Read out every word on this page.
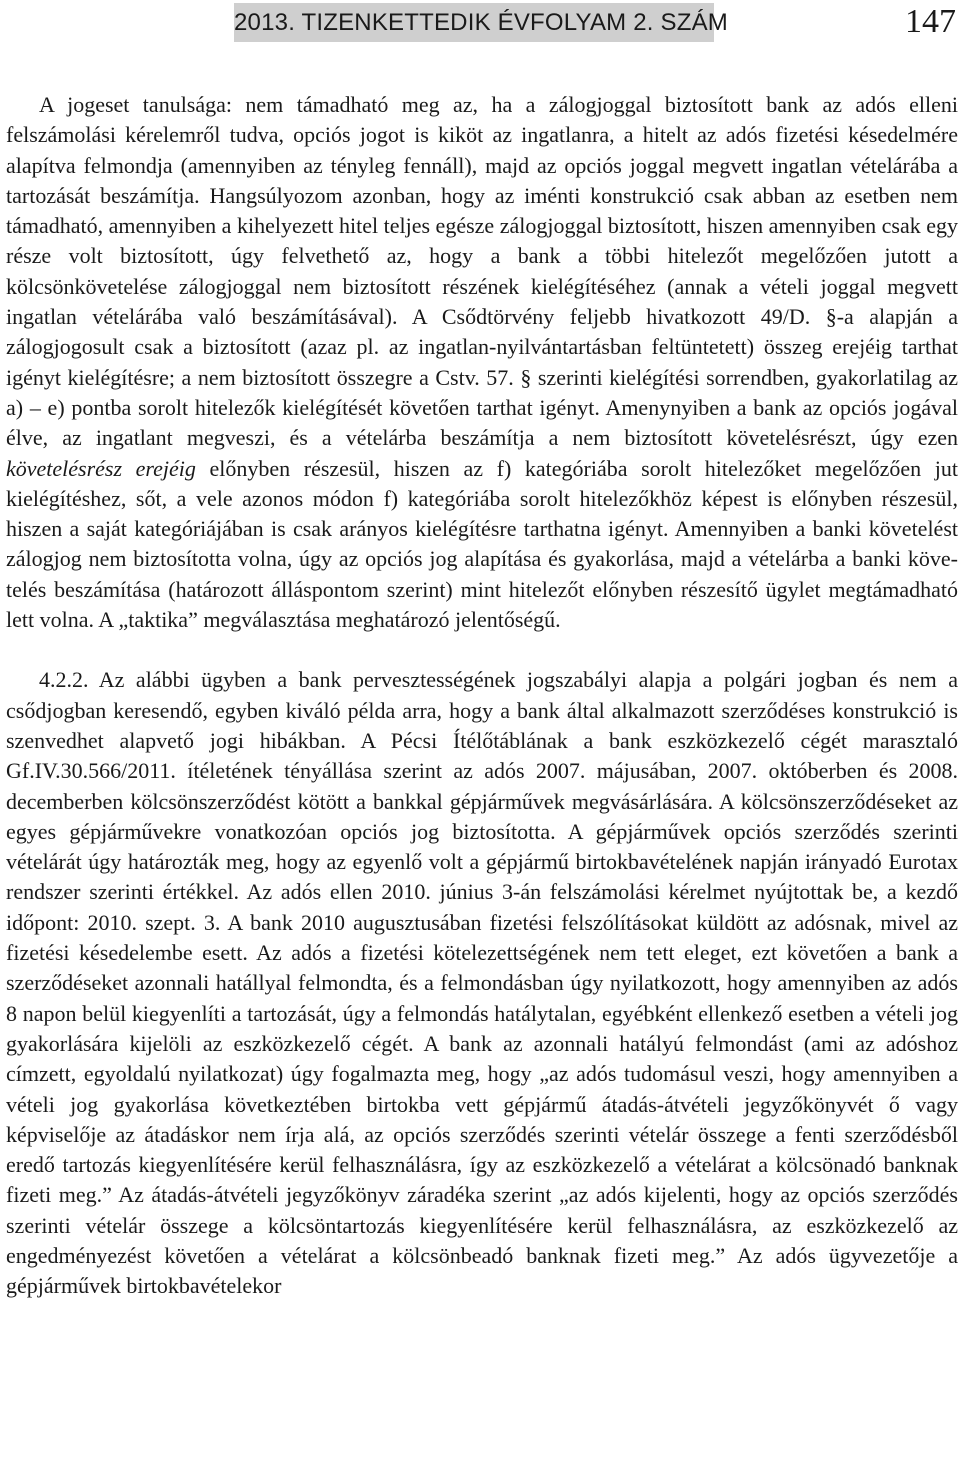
2013. TIZENKETTEDIK ÉVFOLYAM 2. SZÁM	147

A jogeset tanulsága: nem támadható meg az, ha a zálogjoggal biztosított bank az adós elleni felszámolási kérelemről tudva, opciós jogot is kiköt az ingatlanra, a hitelt az adós fizetési késedelmére alapítva felmondja (amennyiben az tényleg fennáll), majd az opciós joggal megvett ingatlan vételárába a tartozását beszámítja. Hangsúlyozom azonban, hogy az iménti konstrukció csak abban az esetben nem támadható, amennyiben a kihelyezett hitel teljes egésze zálogjoggal biztosított, hiszen amennyiben csak egy része volt biztosított, úgy felvethető az, hogy a bank a többi hitelezőt megelőzően jutott a kölcsönkövetelése zálogjoggal nem biztosított részének kielégítéséhez (annak a vételi joggal megvett ingatlan vételárába való beszámításával). A Csődtörvény feljebb hivatkozott 49/D. §-a alapján a zálogjogosult csak a biztosított (azaz pl. az ingatlan-nyilvántartásban feltüntetett) összeg erejéig tarthat igényt kielégítésre; a nem biztosított összegre a Cstv. 57. § szerinti kielégítési sorrendben, gyakorlatilag az a) – e) pontba sorolt hitelezők kielégítését követően tarthat igényt. Amenynyiben a bank az opciós jogával élve, az ingatlant megveszi, és a vételárba beszámítja a nem biztosított követelésrészt, úgy ezen követelésrész erejéig előnyben részesül, hiszen az f) kategóriába sorolt hitelezőket megelőzően jut kielégítéshez, sőt, a vele azonos módon f) kategóriába sorolt hitelezőkhöz képest is előnyben részesül, hiszen a saját kategóriájában is csak arányos kielégítésre tarthatna igényt. Amennyiben a banki követelést zálogjog nem biztosította volna, úgy az opciós jog alapítása és gyakorlása, majd a vételárba a banki követelés beszámítása (határozott álláspontom szerint) mint hitelezőt előnyben részesítő ügylet megtámadható lett volna. A „taktika” megválasztása meghatározó jelentőségű.

4.2.2. Az alábbi ügyben a bank pervesztességének jogszabályi alapja a polgári jogban és nem a csődjogban keresendő, egyben kiváló példa arra, hogy a bank által alkalmazott szerződéses konstrukció is szenvedhet alapvető jogi hibákban. A Pécsi Ítélőtáblának a bank eszközkezelő cégét marasztaló Gf.IV.30.566/2011. ítéletének tényállása szerint az adós 2007. májusában, 2007. októberben és 2008. decemberben kölcsönszerződést kötött a bankkal gépjárművek megvásárlására. A kölcsönszerződéseket az egyes gépjárművekre vonatkozóan opciós jog biztosította. A gépjárművek opciós szerződés szerinti vételárát úgy határozták meg, hogy az egyenlő volt a gépjármű birtokbavételének napján irányadó Eurotax rendszer szerinti értékkel. Az adós ellen 2010. június 3-án felszámolási kérelmet nyújtottak be, a kezdő időpont: 2010. szept. 3. A bank 2010 augusztusában fizetési felszólításokat küldött az adósnak, mivel az fizetési késedelembe esett. Az adós a fizetési kötelezettségének nem tett eleget, ezt követően a bank a szerződéseket azonnali hatállyal felmondta, és a felmondásban úgy nyilatkozott, hogy amennyiben az adós 8 napon belül kiegyenlíti a tartozását, úgy a felmondás hatálytalan, egyébként ellenkező esetben a vételi jog gyakorlására kijelöli az eszközkezelő cégét. A bank az azonnali hatályú felmondást (ami az adóshoz címzett, egyoldalú nyilatkozat) úgy fogalmazta meg, hogy „az adós tudomásul veszi, hogy amennyiben a vételi jog gyakorlása következtében birtokba vett gépjármű átadás-átvételi jegyzőkönyvét ő vagy képviselője az átadáskor nem írja alá, az opciós szerződés szerinti vételár összege a fenti szerződésből eredő tartozás kiegyenlítésére kerül felhasználásra, így az eszközkezelő a vételárat a kölcsönadó banknak fizeti meg.” Az átadás-átvételi jegyzőkönyv záradéka szerint „az adós kijelenti, hogy az opciós szerződés szerinti vételár összege a kölcsöntartozás kiegyenlítésére kerül felhasználásra, az eszközkezelő az engedményezést követően a vételárat a kölcsönbeadó banknak fizeti meg.” Az adós ügyvezetője a gépjárművek birtokbavételekor
